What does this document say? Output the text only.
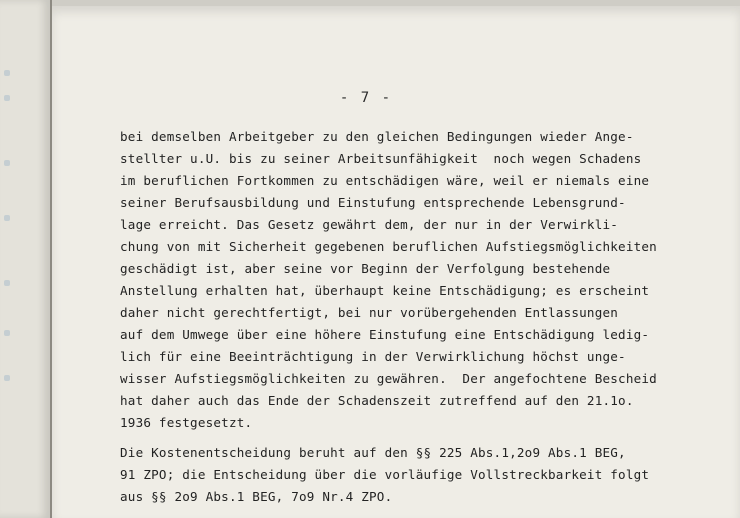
- 7 -
bei demselben Arbeitgeber zu den gleichen Bedingungen wieder Ange-
stellter u.U. bis zu seiner Arbeitsunfähigkeit  noch wegen Schadens
im beruflichen Fortkommen zu entschädigen wäre, weil er niemals eine
seiner Berufsausbildung und Einstufung entsprechende Lebensgrund-
lage erreicht. Das Gesetz gewährt dem, der nur in der Verwirkli-
chung von mit Sicherheit gegebenen beruflichen Aufstiegsmöglichkeiten
geschädigt ist, aber seine vor Beginn der Verfolgung bestehende
Anstellung erhalten hat, überhaupt keine Entschädigung; es erscheint
daher nicht gerechtfertigt, bei nur vorübergehenden Entlassungen
auf dem Umwege über eine höhere Einstufung eine Entschädigung ledig-
lich für eine Beeinträchtigung in der Verwirklichung höchst unge-
wisser Aufstiegsmöglichkeiten zu gewähren.  Der angefochtene Bescheid
hat daher auch das Ende der Schadenszeit zutreffend auf den 21.1o.
1936 festgesetzt.
Die Kostenentscheidung beruht auf den §§ 225 Abs.1,2o9 Abs.1 BEG,
91 ZPO; die Entscheidung über die vorläufige Vollstreckbarkeit folgt
aus §§ 2o9 Abs.1 BEG, 7o9 Nr.4 ZPO.
